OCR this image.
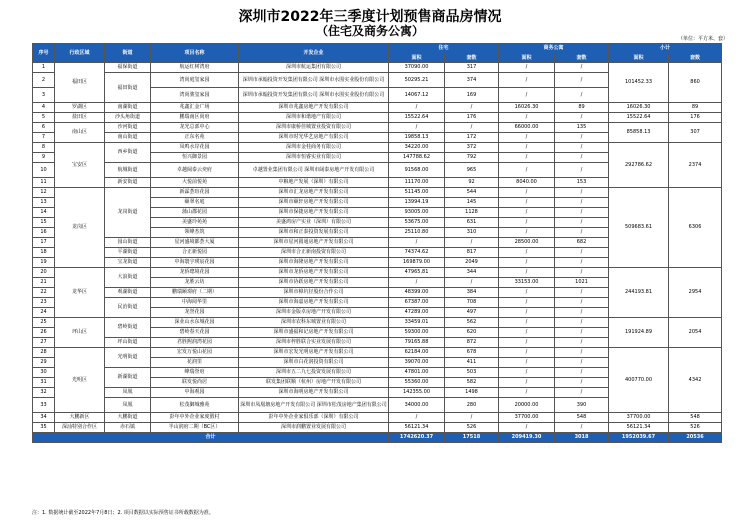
深圳市2022年三季度计划预售商品房情况
（住宅及商务公寓）
（单位：平方米、套）
序号	行政区域	街道	项目名称	开发企业	住宅		商务公寓		小计	
					面积	套数	面积	套数	面积	套数
1	福田区	福保街道	航运红树湾府	深圳市航运集团有限公司	37090.00	317	/	/	101452.33	860
2		福田街道	湾尚庭玺家园	深圳市承翰投资开发集团有限公司 深圳市水围实业股份有限公司	50295.21	374	/	/		
3			湾尚骏玺家园	深圳市承翰投资开发集团有限公司 深圳市水围实业股份有限公司	14067.12	169	/	/		
4	罗湖区	南湖街道	兆鑫汇金广场	深圳市兆鑫房地产开发有限公司	/	/	16026.30	89	16026.30	89
5	盐田区	沙头角街道	鹏瑞南区尚府	深圳市和谐地产有限公司	15522.64	176	/	/	15522.64	176
6	南山区	沙河街道	龙光总部中心	深圳市康桥佳城置业投资有限公司	/	/	66000.00	135	85858.13	307
7		南山街道	正东名苑	深圳市时光华艺房地产有限公司	19858.13	172	/	/		
8	宝安区	西乡街道	凤鸣水岸花园	深圳市金桂商务有限公司	34220.00	372	/	/	292786.62	2374
9			恒兴御景园	深圳市恒睿实业有限公司	147788.62	792	/	/		
10		航城街道	卓越阔泰云奕府	卓越置业集团有限公司 深圳市阔泰房地产开发有限公司	91568.00	965	/	/		
11		新安街道	大悦前悦苑	中粮地产发展（深圳）有限公司	11170.00	92	8040.00	153		
12	龙岗区	龙岗街道	新霖荟瑄花园	深圳市汇龙房地产开发有限公司	51145.00	544	/	/	509683.61	6306
13			颐翠名庭	深圳市颐轩房地产开发有限公司	13994.19	145	/	/		
14			蒲山郡花园	深圳市保捷房地产开发有限公司	93005.00	1128	/	/		
15			美盛玲苑苑	美盛鸿房产实业（深圳）有限公司	53675.00	631	/	/		
16			领峰杰筑	深圳市和正泰投资发展有限公司	25110.80	310	/	/		
17		园山街道	星河盛境都荟大厦	深圳市星河圆通房地产开发有限公司	/	/	28500.00	682		
18		平湖街道	合正新悦园	深圳市合正新南投资有限公司	74374.62	817	/	/		
19		宝龙街道	中海寰宇瑛宸花园	深圳市海隆房地产开发有限公司	169879.00	2049	/	/		
20	龙华区	大浪街道	龙侨璁境花园	深圳市龙侨房地产开发有限公司	47965.81	344	/	/	244193.81	2954
21			龙胜云坊	深圳市协跃房地产开发有限公司	/	/	33153.00	1021		
22		观湖街道	鹏瑞颐璟府（二期）	深圳市樟坑径股份合作公司	48399.00	384	/	/		
23		民治街道	中海阅华里	深圳市海嘉房地产开发有限公司	67387.00	708	/	/		
24			龙誉花园	深圳市金版卓房地产开发有限公司	47289.00	497	/	/		
25	坪山区	碧岭街道	深业山水东城花园	深圳市农科东城置业有限公司	33459.01	562	/	/	191924.89	2054
26			碧岭春天花园	深圳市盛福和记房地产开发有限公司	59300.00	620	/	/		
27		坪山街道	君胜熙润湾花园	深圳市梓胜联合实业发展有限公司	79165.88	872	/	/		
28	光明区	光明街道	宏发万悦山花园	深圳市宏发光明房地产开发有限公司	62184.00	678	/	/	400770.00	4342
29			花润里	深圳市白花润投资有限公司	39070.00	411	/	/		
30		新湖街道	峰瑞誉府	深圳市五二九七投资发展有限公司	47801.00	503	/	/		
31			联发悦尚居	联发集团联顺（杭州）房地产开发有限公司	55360.00	582	/	/		
32		凤凰	中海观园	深圳市海明房地产开发有限公司	142355.00	1498	/	/		
33		凤凰	松茂御城雅苑	深圳市凤凰塘房地产开发有限公司 深圳市松茂房地产集团有限公司	34000.00	280	20000.00	390		
34	大鹏新区	大鹏街道	彭年中外企业家度假村	彭年中外企业家俱乐部（深圳）有限公司	/	/	37700.00	548	37700.00	548
35	深汕特别合作区	赤石镇	半山润府二期（BC区）	深圳市润鹏置业发展有限公司	56121.34	526	/	/	56121.34	526
合计					1742620.37	17518	209419.30	3018	1952039.67	20536
注：1. 数据统计截至2022年7月8日；2. 项目数据以实际预售证书所载数据为准。
